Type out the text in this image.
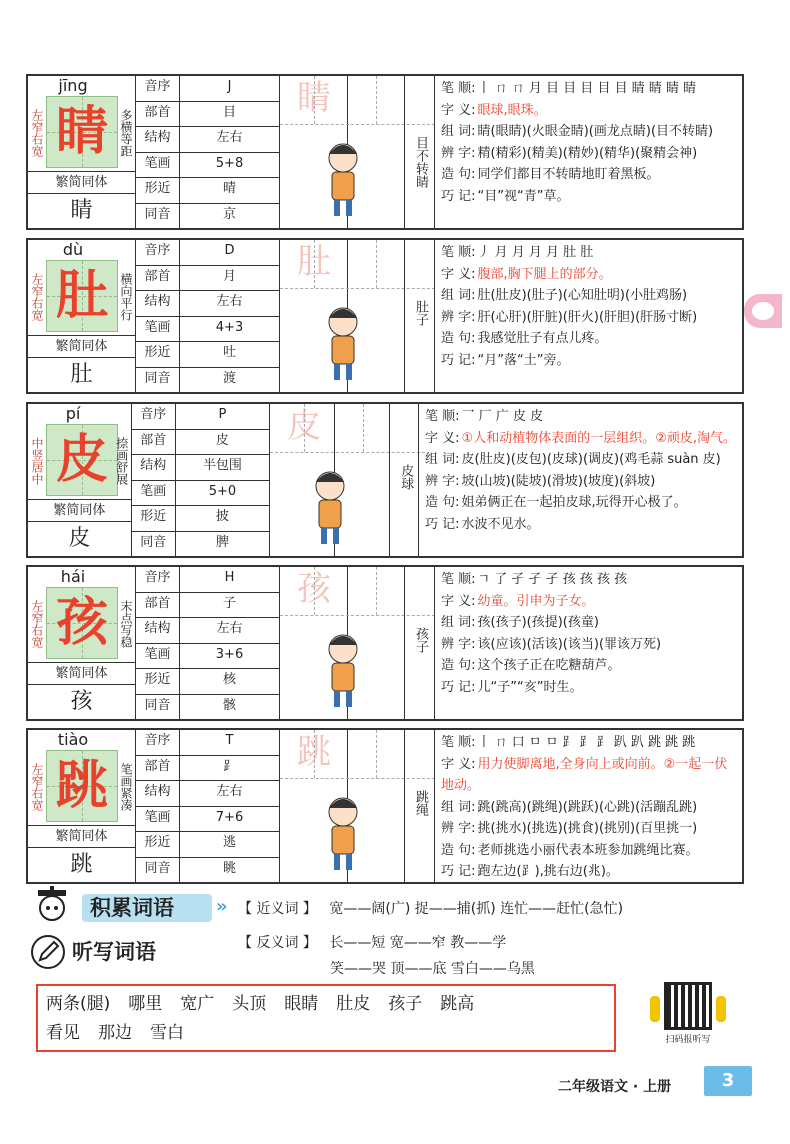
jīng
左窄右宽 睛 多横等距
繁简同体
睛
音序	J
部首	目
结构	左右
笔画	5+8
形近	晴
同音	京
睛
目不转睛
笔 顺: 丨 ㄇ ㄇ 月 目 目 目 目 目 睛 睛 睛 睛
字 义: 眼球,眼珠。
组 词: 睛(眼睛)(火眼金睛)(画龙点睛)(目不转睛)
辨 字: 精(精彩)(精美)(精妙)(精华)(聚精会神)
造 句: 同学们都目不转睛地盯着黑板。
巧 记: “目”视“青”草。
dù
左窄右宽 肚 横向平行
繁简同体
肚
音序	D
部首	月
结构	左右
笔画	4+3
形近	吐
同音	渡
肚
肚子
笔 顺: 丿 月 月 月 月 肚 肚
字 义: 腹部,胸下腿上的部分。
组 词: 肚(肚皮)(肚子)(心知肚明)(小肚鸡肠)
辨 字: 肝(心肝)(肝脏)(肝火)(肝胆)(肝肠寸断)
造 句: 我感觉肚子有点儿疼。
巧 记: “月”落“土”旁。
pí
中竖居中 皮 捺画舒展
繁简同体
皮
音序	P
部首	皮
结构	半包围
笔画	5+0
形近	披
同音	脾
皮
皮球
笔 顺: 乛 厂 广 皮 皮
字 义: ①人和动植物体表面的一层组织。②顽皮,淘气。
组 词: 皮(肚皮)(皮包)(皮球)(调皮)(鸡毛蒜 suàn 皮)
辨 字: 坡(山坡)(陡坡)(滑坡)(坡度)(斜坡)
造 句: 姐弟俩正在一起拍皮球,玩得开心极了。
巧 记: 水波不见水。
hái
左窄右宽 孩 末点写稳
繁简同体
孩
音序	H
部首	子
结构	左右
笔画	3+6
形近	核
同音	骸
孩
孩子
笔 顺: ㄱ 了 孑 孑 孑 孩 孩 孩 孩
字 义: 幼童。引申为子女。
组 词: 孩(孩子)(孩提)(孩童)
辨 字: 该(应该)(活该)(该当)(罪该万死)
造 句: 这个孩子正在吃糖葫芦。
巧 记: 儿“子”“亥”时生。
tiào
左窄右宽 跳 笔画紧凑
繁简同体
跳
音序	T
部首	⻊
结构	左右
笔画	7+6
形近	逃
同音	眺
跳
跳绳
笔 顺: 丨 ㄇ 口 ㅁ ㅁ ⻊ ⻊ ⻊ 趴 趴 跳 跳 跳
字 义: 用力使脚离地,全身向上或向前。②一起一伏地动。
组 词: 跳(跳高)(跳绳)(跳跃)(心跳)(活蹦乱跳)
辨 字: 挑(挑水)(挑选)(挑食)(挑别)(百里挑一)
造 句: 老师挑选小丽代表本班参加跳绳比赛。
巧 记: 跑左边(⻊),挑右边(兆)。
积累词语 » 【 近义词 】 宽——阔(广) 捉——捕(抓) 连忙——赶忙(急忙)
【 反义词 】 长——短 宽——窄 教——学
笑——哭 顶——底 雪白——乌黑
听写词语
两条(腿) 哪里 宽广 头顶 眼睛 肚皮 孩子 跳高
看见 那边 雪白	扫码报听写
二年级语文 · 上册	3
